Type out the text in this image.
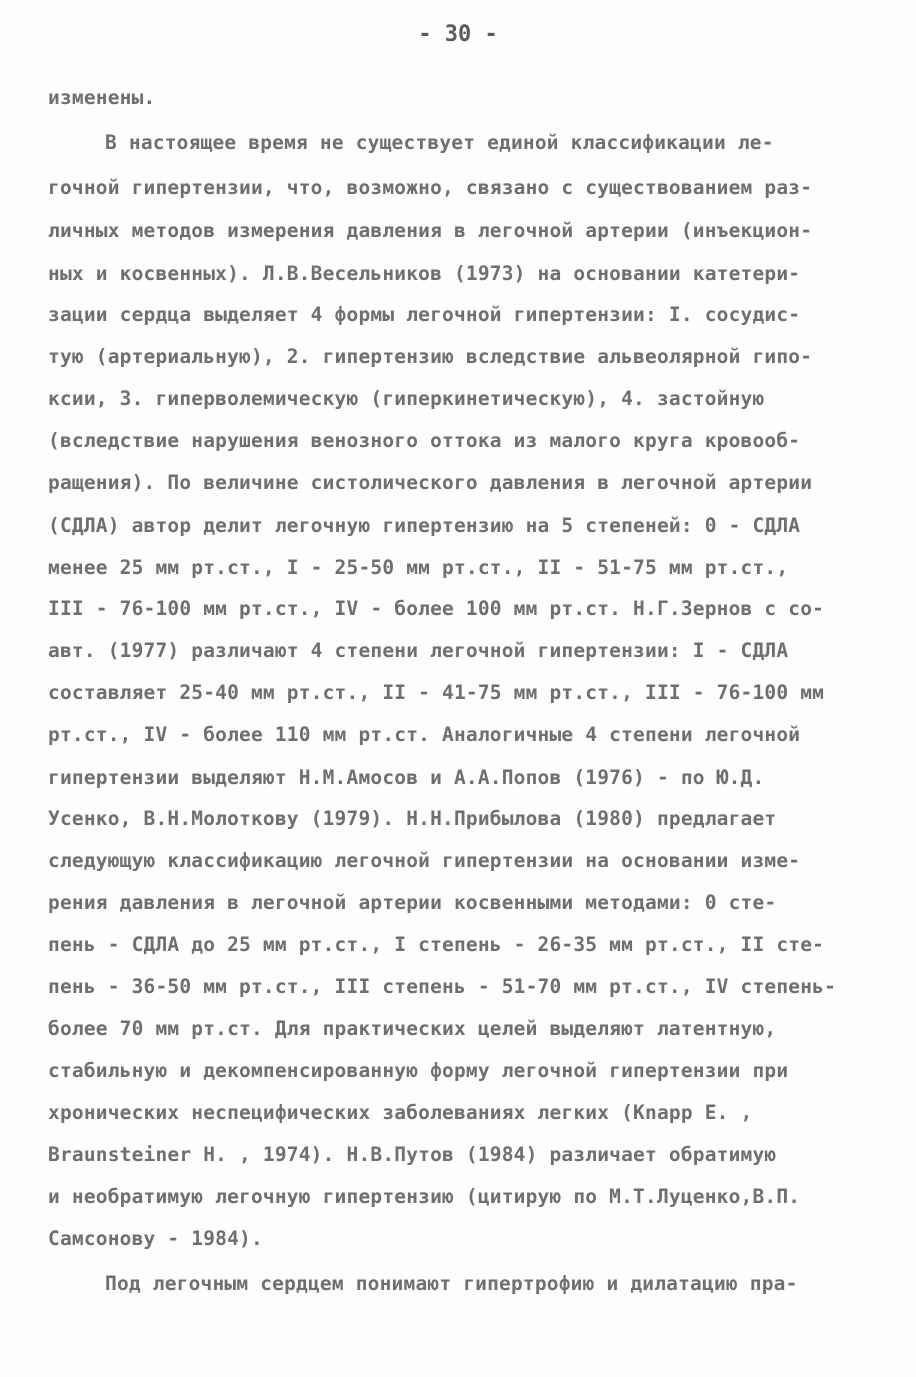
- 30 -
изменены.
В настоящее время не существует единой классификации ле-
гочной гипертензии, что, возможно, связано с существованием раз-
личных методов измерения давления в легочной артерии (инъекцион-
ных и косвенных). Л.В.Весельников (1973) на основании катетери-
зации сердца выделяет 4 формы легочной гипертензии: I. сосудис-
тую (артериальную), 2. гипертензию вследствие альвеолярной гипо-
ксии, 3. гиперволемическую (гиперкинетическую), 4. застойную
(вследствие нарушения венозного оттока из малого круга кровооб-
ращения). По величине систолического давления в легочной артерии
(СДЛА) автор делит легочную гипертензию на 5 степеней: 0 - СДЛА
менее 25 мм рт.ст., I - 25-50 мм рт.ст., II - 51-75 мм рт.ст.,
III - 76-100 мм рт.ст., IV - более 100 мм рт.ст. Н.Г.Зернов с со-
авт. (1977) различают 4 степени легочной гипертензии: I - СДЛА
составляет 25-40 мм рт.ст., II - 41-75 мм рт.ст., III - 76-100 мм
рт.ст., IV - более 110 мм рт.ст. Аналогичные 4 степени легочной
гипертензии выделяют Н.М.Амосов и А.А.Попов (1976) - по Ю.Д.
Усенко, В.Н.Молоткову (1979). Н.Н.Прибылова (1980) предлагает
следующую классификацию легочной гипертензии на основании изме-
рения давления в легочной артерии косвенными методами: 0 сте-
пень - СДЛА до 25 мм рт.ст., I степень - 26-35 мм рт.ст., II сте-
пень - 36-50 мм рт.ст., III степень - 51-70 мм рт.ст., IV степень-
более 70 мм рт.ст. Для практических целей выделяют латентную,
стабильную и декомпенсированную форму легочной гипертензии при
хронических неспецифических заболеваниях легких (Knapp E. ,
Braunsteiner H. , 1974). Н.В.Путов (1984) различает обратимую
и необратимую легочную гипертензию (цитирую по М.Т.Луценко,В.П.
Самсонову - 1984).
Под легочным сердцем понимают гипертрофию и дилатацию пра-
